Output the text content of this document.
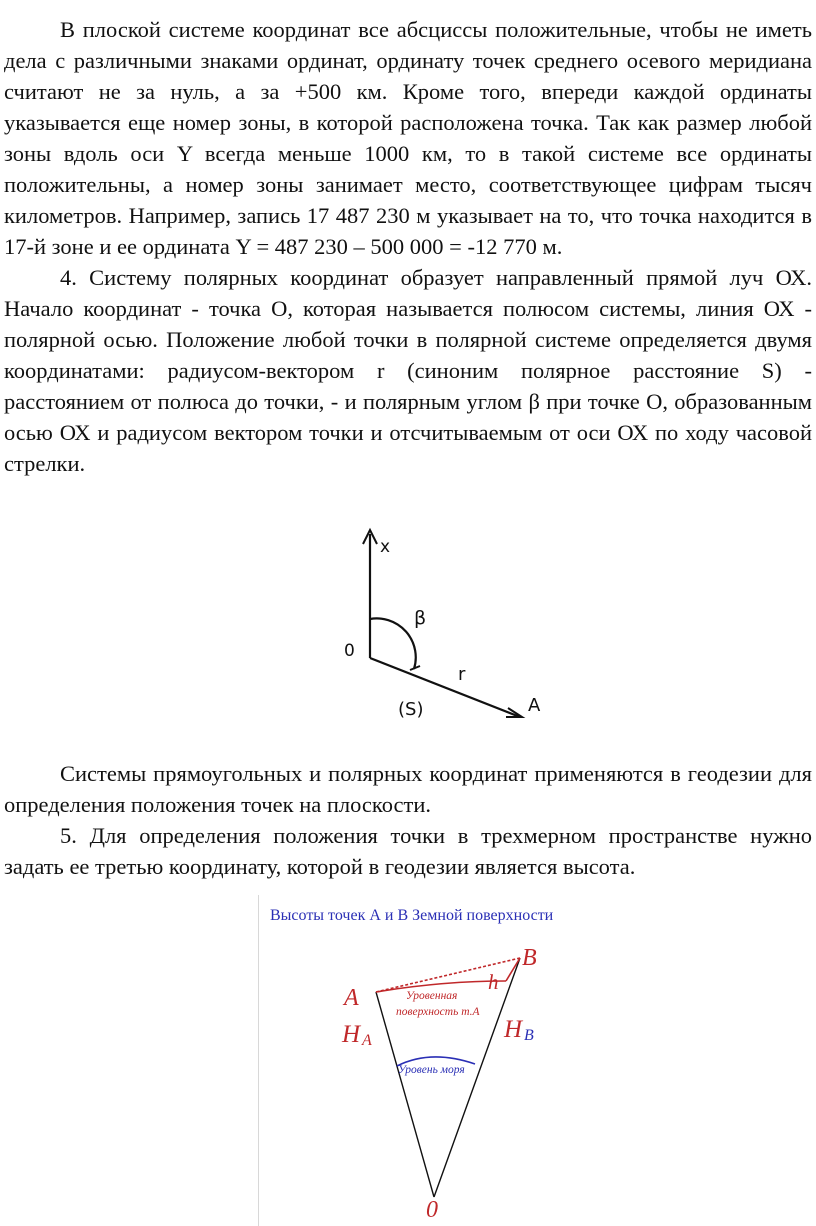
В плоской системе координат все абсциссы положительные, чтобы не иметь дела с различными знаками ординат, ординату точек среднего осевого меридиана считают не за нуль, а за +500 км. Кроме того, впереди каждой ординаты указывается еще номер зоны, в которой расположена точка. Так как размер любой зоны вдоль оси Y всегда меньше 1000 км, то в такой системе все ординаты положительны, а номер зоны занимает место, соответствующее цифрам тысяч километров. Например, запись 17 487 230 м указывает на то, что точка находится в 17-й зоне и ее ордината Y = 487 230 – 500 000 = -12 770 м.

4. Систему полярных координат образует направленный прямой луч ОХ. Начало координат - точка О, которая называется полюсом системы, линия ОХ - полярной осью. Положение любой точки в полярной системе определяется двумя координатами: радиусом-вектором r (синоним полярное расстояние S) - расстоянием от полюса до точки, - и полярным углом β при точке О, образованным осью ОХ и радиусом вектором точки и отсчитываемым от оси ОХ по ходу часовой стрелки.

x
0
β
r
(S)	A

Системы прямоугольных и полярных координат применяются в геодезии для определения положения точек на плоскости.

5. Для определения положения точки в трехмерном пространстве нужно задать ее третью координату, которой в геодезии является высота.

Высоты точек А и В Земной поверхности
B
A
h
Уровенная
поверхность т.А
H A	H B
Уровень моря
0
